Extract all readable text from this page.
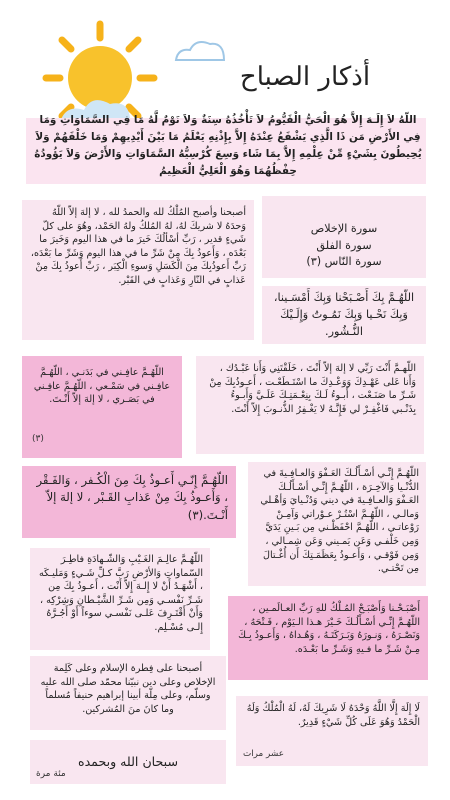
أذكار الصباح
اللّهُ لاَ إِلَـهَ إِلاَّ هُوَ الْحَيُّ الْقَيُّومُ لاَ تَأْخُذُهُ سِنَةٌ وَلاَ نَوْمٌ لَّهُ مَا فِي السَّمَاوَاتِ وَمَا فِي الأَرْضِ مَن ذَا الَّذِي يَشْفَعُ عِنْدَهُ إِلاَّ بِإِذْنِهِ يَعْلَمُ مَا بَيْنَ أَيْدِيهِمْ وَمَا خَلْفَهُمْ وَلاَ يُحِيطُونَ بِشَيْءٍ مِّنْ عِلْمِهِ إِلاَّ بِمَا شَاء وَسِعَ كُرْسِيُّهُ السَّمَاوَاتِ وَالأَرْضَ وَلاَ يَؤُودُهُ حِفْظُهُمَا وَهُوَ الْعَلِيُّ الْعَظِيمُ
أصبحنا وأصبح المُلْكُ لله والحمدُ لله ، لا إلهَ إلاّ اللّهُ وَحدَهُ لا شريكَ لهُ، لهُ المُلكُ ولهُ الحَمْد، وهُوَ على كلّ شَيءٍ قدير ، رَبِّ أسْألُكَ خَيرَ ما في هذا اليوم وَخَيرَ ما بَعْدَه ، وَأَعوذُ بِكَ مِنْ شَرِّ ما في هذا اليوم وَشَرِّ ما بَعْدَه، رَبِّ أَعوذُبِكَ مِنَ الْكَسَلِ وَسوءِ الْكِبَر ، رَبِّ أَعوذُ بِكَ مِنْ عَذابٍ في النّارِ وَعَذابٍ في القَبْر.

سورة الإخلاص
سورة الفلق
سورة النّاس (٣)

اللّهُـمَّ بِكَ أَصْـبَحْنا وَبِكَ أَمْسَـينا، وَبِكَ نَحْـيا وَبِكَ نَمُـوتُ وَإِلَـيْكَ النُّـشُور.
اللّهُـمَّ عافِـني في بَدَنـي ، اللّهُـمَّ عافِـني في سَمْـعي ، اللّهُـمَّ عافِـني في بَصَـري ، لا إلهَ إلاّ أَنْـتَ.
(٣)
اللّهـمَّ أَنْتَ رَبِّي لا إلهَ إلاّ أَنْتَ ، خَلَقْتَنِي وَأَنا عَبْـدُك ، وَأَنا عَلى عَهْـدِكَ وَوَعْـدِكَ ما اسْتَـطَعْـت ، أَعـوذُبِكَ مِنْ شَـرِّ ما صَنَـعْت ، أَبـوءُ لَـكَ بِنِعْـمَتِـكَ عَلَـيَّ وَأَبـوءُ بِذَنْـبي فَاغْفِـرْ لي فَإِنَّـهُ لا يَغْـفِرُ الذُّنـوبَ إِلاّ أَنْتَ.
اللّهُـمَّ إِنّـي أَعـوذُ بِكَ مِنَ الْكُـفر ، وَالفَـقْر ، وَأَعـوذُ بِكَ مِنْ عَذابِ القَـبْر ، لا إلهَ إلاّ أَنْـتَ.(٣)
اللّهُـمَّ إِنِّـي أسْـأَلُـكَ العَـفْوَ وَالعـافِـيةَ في الدُّنْـيا وَالآخِـرَة ، اللّهُـمَّ إِنِّـي أسْـأَلُـكَ العَـفْوَ وَالعـافِـيةَ في ديني وَدُنْـيايَ وَأهْـلي وَمالـي ، اللّهُـمَّ اسْتُـرْ عـوْراتي وَآمِـنْ رَوْعاتـي ، اللّهُـمَّ احْفَظْـني مِن بَـينِ يَدَيَّ وَمِن خَلْفـي وَعَن يَمـيني وَعَن شِمـالي ، وَمِن فَوْقـي ، وَأَعـوذُ بِعَظَمَـتِكَ أَن أُغْـتالَ مِن تَحْتـي.
اللّهُـمَّ عالِـمَ الغَـيْبِ وَالشّـهادَةِ فاطِـرَ السّماواتِ وَالأرْضِ رَبَّ كـلِّ شَـيءٍ وَمَليـكَه ، أَشْهَـدُ أَنْ لا إِلـهَ إِلاّ أَنْت ، أَعـوذُ بِكَ مِن شَـرِّ نَفْسـي وَمِن شَـرِّ الشَّيْـطانِ وَشِرْكِه ، وَأَنْ أَقْتَـرِفَ عَلـى نَفْسـي سوءاً أَوْ أَجُـرَّهُ إِلـى مُسْـلِم.
أَصْبَـحْـنا وَأَصْبَـحْ المُـلْكُ للهِ رَبِّ العـالَمـين ، اللّهُـمَّ إِنِّـي أسْـأَلُـكَ خَـيْرَ هـذا الـيَوْم ، فَـتْحَهُ ، وَنَصْـرَهُ ، وَنـورَهُ وَبَـرَكَتَـهُ ، وَهُـداهُ ، وَأَعـوذُ بِـكَ مِـنْ شَـرِّ ما فـيهِ وَشَـرِّ ما بَعْـدَه.
أصبحنا على فِطرة الإسلام وعلى كَلِمة الإخلاص وعلى دين نبيّنا محمّد صلى الله عليه وسلّم، وعلى مِلّة أبينا إبراهيم حنيفاً مُسلماً وما كانَ منَ المُشركين.	لَا إِلَهَ إِلَّا اللَّهُ وَحْدَهُ لَا شَرِيكَ لَهُ، لَهُ الْمُلْكُ وَلَهُ الْحَمْدُ وَهُوَ عَلَى كُلِّ شَيْءٍ قَدِيرٌ.
عشر مرات
سبحان الله وبحمده
مئة مرة
